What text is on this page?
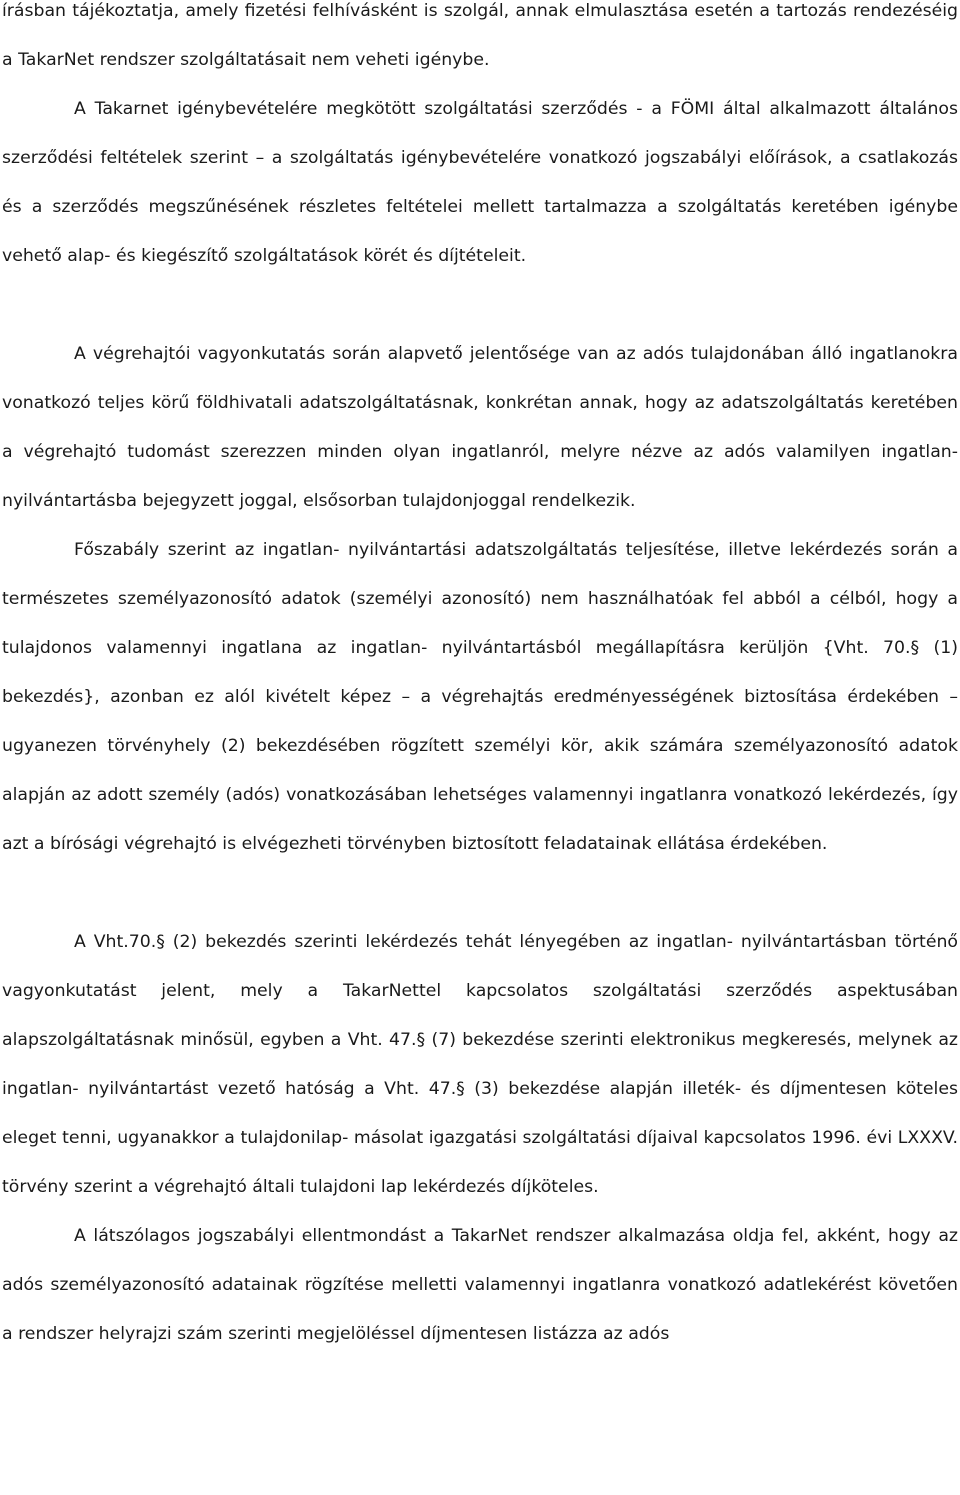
írásban tájékoztatja, amely fizetési felhívásként is szolgál, annak elmulasztása esetén a tartozás rendezéséig a TakarNet rendszer szolgáltatásait nem veheti igénybe.

A Takarnet igénybevételére megkötött szolgáltatási szerződés - a FÖMI által alkalmazott általános szerződési feltételek szerint – a szolgáltatás igénybevételére vonatkozó jogszabályi előírások, a csatlakozás és a szerződés megszűnésének részletes feltételei mellett tartalmazza a szolgáltatás keretében igénybe vehető alap- és kiegészítő szolgáltatások körét és díjtételeit.

A végrehajtói vagyonkutatás során alapvető jelentősége van az adós tulajdonában álló ingatlanokra vonatkozó teljes körű földhivatali adatszolgáltatásnak, konkrétan annak, hogy az adatszolgáltatás keretében a végrehajtó tudomást szerezzen minden olyan ingatlanról, melyre nézve az adós valamilyen ingatlan- nyilvántartásba bejegyzett joggal, elsősorban tulajdonjoggal rendelkezik.

Főszabály szerint az ingatlan- nyilvántartási adatszolgáltatás teljesítése, illetve lekérdezés során a természetes személyazonosító adatok (személyi azonosító) nem használhatóak fel abból a célból, hogy a tulajdonos valamennyi ingatlana az ingatlan- nyilvántartásból megállapításra kerüljön {Vht. 70.§ (1) bekezdés}, azonban ez alól kivételt képez – a végrehajtás eredményességének biztosítása érdekében – ugyanezen törvényhely (2) bekezdésében rögzített személyi kör, akik számára személyazonosító adatok alapján az adott személy (adós) vonatkozásában lehetséges valamennyi ingatlanra vonatkozó lekérdezés, így azt a bírósági végrehajtó is elvégezheti törvényben biztosított feladatainak ellátása érdekében.

A Vht.70.§ (2) bekezdés szerinti lekérdezés tehát lényegében az ingatlan- nyilvántartásban történő vagyonkutatást jelent, mely a TakarNettel kapcsolatos szolgáltatási szerződés aspektusában alapszolgáltatásnak minősül, egyben a Vht. 47.§ (7) bekezdése szerinti elektronikus megkeresés, melynek az ingatlan- nyilvántartást vezető hatóság a Vht. 47.§ (3) bekezdése alapján illeték- és díjmentesen köteles eleget tenni, ugyanakkor a tulajdonilap- másolat igazgatási szolgáltatási díjaival kapcsolatos 1996. évi LXXXV. törvény szerint a végrehajtó általi tulajdoni lap lekérdezés díjköteles.

A látszólagos jogszabályi ellentmondást a TakarNet rendszer alkalmazása oldja fel, akként, hogy az adós személyazonosító adatainak rögzítése melletti valamennyi ingatlanra vonatkozó adatlekérést követően a rendszer helyrajzi szám szerinti megjelöléssel díjmentesen listázza az adós
